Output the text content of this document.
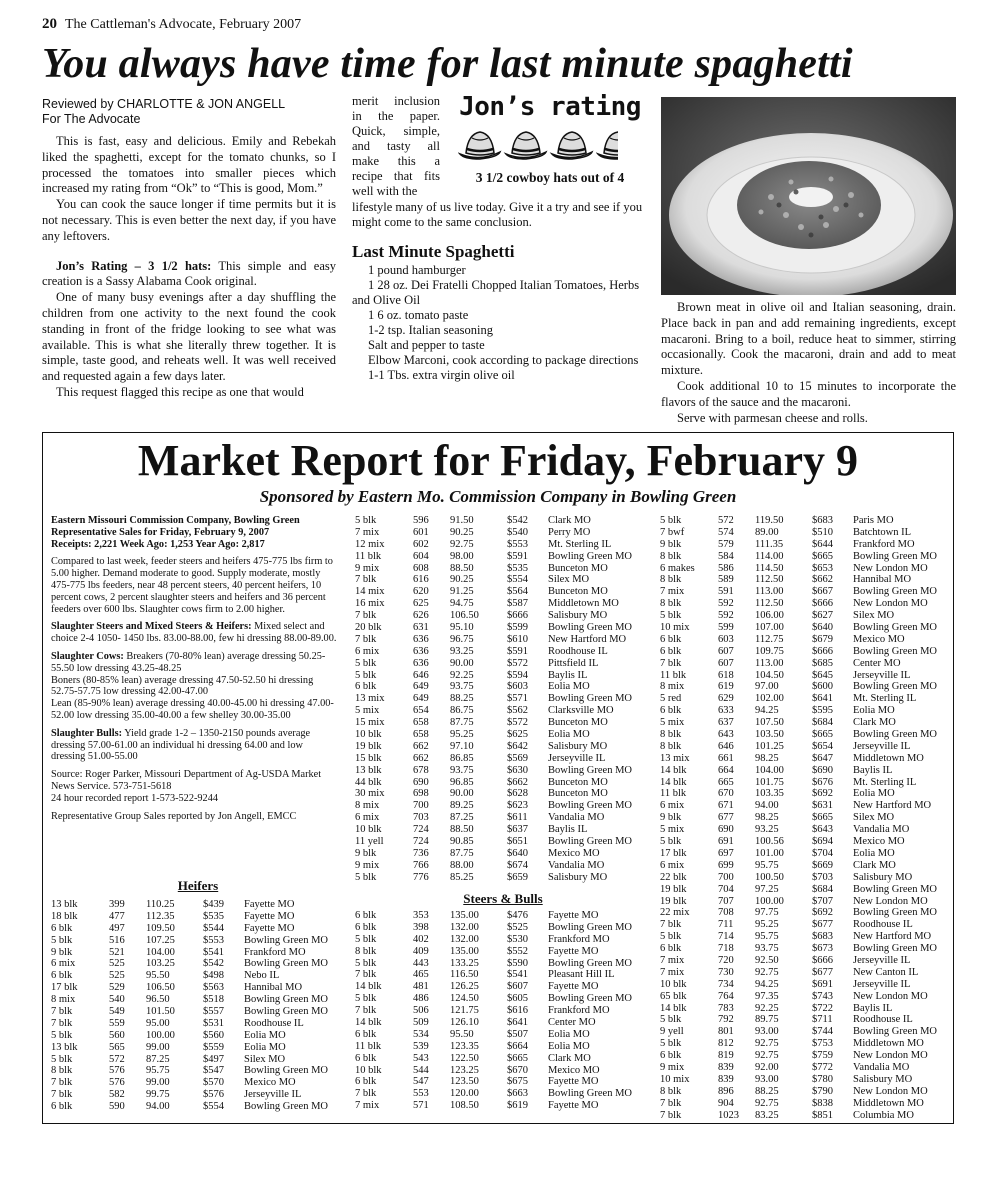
20 The Cattleman's Advocate, February 2007
You always have time for last minute spaghetti
Reviewed by CHARLOTTE & JON ANGELL
For The Advocate

This is fast, easy and delicious. Emily and Rebekah liked the spaghetti, except for the tomato chunks, so I processed the tomatoes into smaller pieces which increased my rating from “Ok” to “This is good, Mom.”

You can cook the sauce longer if time permits but it is not necessary. This is even better the next day, if you have any leftovers.

Jon’s Rating – 3 1/2 hats: This simple and easy creation is a Sassy Alabama Cook original.

One of many busy evenings after a day shuffling the children from one activity to the next found the cook standing in front of the fridge looking to see what was available. This is what she literally threw together. It is simple, taste good, and reheats well. It was well received and requested again a few days later.

This request flagged this recipe as one that would

merit inclusion in the paper. Quick, simple, and tasty all make this a recipe that fits well with the
lifestyle many of us live today. Give it a try and see if you might come to the same conclusion.
Jon’s rating
3 1/2 cowboy hats out of 4
Last Minute Spaghetti
1 pound hamburger
1 28 oz. Dei Fratelli Chopped Italian Tomatoes, Herbs and Olive Oil
1 6 oz. tomato paste
1-2 tsp. Italian seasoning
Salt and pepper to taste
Elbow Marconi, cook according to package directions
1-1 Tbs. extra virgin olive oil

Brown meat in olive oil and Italian seasoning, drain. Place back in pan and add remaining ingredients, except macaroni. Bring to a boil, reduce heat to simmer, stirring occasionally. Cook the macaroni, drain and add to meat mixture.

Cook additional 10 to 15 minutes to incorporate the flavors of the sauce and the macaroni.

Serve with parmesan cheese and rolls.

Market Report for Friday, February 9
Sponsored by Eastern Mo. Commission Company in Bowling Green

Eastern Missouri Commission Company, Bowling Green
Representative Sales for Friday, February 9, 2007
Receipts: 2,221 Week Ago: 1,253 Year Ago: 2,817

Compared to last week, feeder steers and heifers 475-775 lbs firm to 5.00 higher. Demand moderate to good. Supply moderate, mostly 475-775 lbs feeders, near 48 percent steers, 40 percent heifers, 10 percent cows, 2 percent slaughter steers and heifers and 36 percent feeders over 600 lbs. Slaughter cows firm to 2.00 higher.

Slaughter Steers and Mixed Steers & Heifers: Mixed select and choice 2-4 1050- 1450 lbs. 83.00-88.00, few hi dressing 88.00-89.00.

Slaughter Cows: Breakers (70-80% lean) average dressing 50.25-55.50 low dressing 43.25-48.25

Boners (80-85% lean) average dressing 47.50-52.50 hi dressing 52.75-57.75 low dressing 42.00-47.00

Lean (85-90% lean) average dressing 40.00-45.00 hi dressing 47.00-52.00 low dressing 35.00-40.00 a few shelley 30.00-35.00

Slaughter Bulls: Yield grade 1-2 – 1350-2150 pounds average dressing 57.00-61.00 an individual hi dressing 64.00 and low dressing 51.00-55.00

Source: Roger Parker, Missouri Department of Ag-USDA Market News Service. 573-751-5618

24 hour recorded report 1-573-522-9244

Representative Group Sales reported by Jon Angell, EMCC

Heifers
13 blk	399 110.25	$439 Fayette MO
18 blk	477 112.35	$535 Fayette MO
6 blk	497 109.50	$544 Fayette MO
5 blk	516 107.25	$553 Bowling Green MO
9 blk	521 104.00	$541 Frankford MO
6 mix	525 103.25	$542 Bowling Green MO
6 blk	525 95.50	$498 Nebo IL
17 blk	529 106.50	$563 Hannibal MO
8 mix	540 96.50	$518 Bowling Green MO
7 blk	549 101.50	$557 Bowling Green MO
7 blk	559 95.00	$531 Roodhouse IL
5 blk	560 100.00	$560 Eolia MO
13 blk	565 99.00	$559 Eolia MO
5 blk	572 87.25	$497 Silex MO
8 blk	576 95.75	$547 Bowling Green MO
7 blk	576 99.00	$570 Mexico MO
7 blk	582 99.75	$576 Jerseyville IL
6 blk	590 94.00	$554 Bowling Green MO
5 blk	596 91.50	$542 Clark MO
7 mix	601 90.25	$540 Perry MO
12 mix	602 92.75	$553 Mt. Sterling IL
11 blk	604 98.00	$591 Bowling Green MO
9 mix	608 88.50	$535 Bunceton MO
7 blk	616 90.25	$554 Silex MO
14 mix	620 91.25	$564 Bunceton MO
16 mix	625 94.75	$587 Middletown MO
7 blk	626 106.50	$666 Salisbury MO
20 blk	631 95.10	$599 Bowling Green MO
7 blk	636 96.75	$610 New Hartford MO
6 mix	636 93.25	$591 Roodhouse IL
5 blk	636 90.00	$572 Pittsfield IL
5 blk	646 92.25	$594 Baylis IL
6 blk	649 93.75	$603 Eolia MO
13 mix	649 88.25	$571 Bowling Green MO
5 mix	654 86.75	$562 Clarksville MO
15 mix	658 87.75	$572 Bunceton MO
10 blk	658 95.25	$625 Eolia MO
19 blk	662 97.10	$642 Salisbury MO
15 blk	662 86.85	$569 Jerseyville IL
13 blk	678 93.75	$630 Bowling Green MO
44 blk	690 96.85	$662 Bunceton MO
30 mix	698 90.00	$628 Bunceton MO
8 mix	700 89.25	$623 Bowling Green MO
6 mix	703 87.25	$611 Vandalia MO
10 blk	724 88.50	$637 Baylis IL
11 yell	724 90.85	$651 Bowling Green MO
9 blk	736 87.75	$640 Mexico MO
9 mix	766 88.00	$674 Vandalia MO
5 blk	776 85.25	$659 Salisbury MO
Steers & Bulls
6 blk	353 135.00	$476 Fayette MO
6 blk	398 132.00	$525 Bowling Green MO
5 blk	402 132.00	$530 Frankford MO
8 blk	409 135.00	$552 Fayette MO
5 blk	443 133.25	$590 Bowling Green MO
7 blk	465 116.50	$541 Pleasant Hill IL
14 blk	481 126.25	$607 Fayette MO
5 blk	486 124.50	$605 Bowling Green MO
7 blk	506 121.75	$616 Frankford MO
14 blk	509 126.10	$641 Center MO
6 blk	534 95.50	$507 Eolia MO
11 blk	539 123.35	$664 Eolia MO
6 blk	543 122.50	$665 Clark MO
10 blk	544 123.25	$670 Mexico MO
6 blk	547 123.50	$675 Fayette MO
7 blk	553 120.00	$663 Bowling Green MO
7 mix	571 108.50	$619 Fayette MO
5 blk	572 119.50	$683 Paris MO
7 bwf	574 89.00	$510 Batchtown IL
9 blk	579 111.35	$644 Frankford MO
8 blk	584 114.00	$665 Bowling Green MO
6 makes 586 114.50	$653 New London MO
8 blk	589 112.50	$662 Hannibal MO
7 mix	591 113.00	$667 Bowling Green MO
8 blk	592 112.50	$666 New London MO
5 blk	592 106.00	$627 Silex MO
10 mix	599 107.00	$640 Bowling Green MO
6 blk	603 112.75	$679 Mexico MO
6 blk	607 109.75	$666 Bowling Green MO
7 blk	607 113.00	$685 Center MO
11 blk	618 104.50	$645 Jerseyville IL
8 mix	619 97.00	$600 Bowling Green MO
5 red	629 102.00	$641 Mt. Sterling IL
6 blk	633 94.25	$595 Eolia MO
5 mix	637 107.50	$684 Clark MO
8 blk	643 103.50	$665 Bowling Green MO
8 blk	646 101.25	$654 Jerseyville IL
13 mix	661 98.25	$647 Middletown MO
14 blk	664 104.00	$690 Baylis IL
14 blk	665 101.75	$676 Mt. Sterling IL
11 blk	670 103.35	$692 Eolia MO
6 mix	671 94.00	$631 New Hartford MO
9 blk	677 98.25	$665 Silex MO
5 mix	690 93.25	$643 Vandalia MO
5 blk	691 100.56	$694 Mexico MO
17 blk	697 101.00	$704 Eolia MO
6 mix	699 95.75	$669 Clark MO
22 blk	700 100.50	$703 Salisbury MO
19 blk	704 97.25	$684 Bowling Green MO
19 blk	707 100.00	$707 New London MO
22 mix	708 97.75	$692 Bowling Green MO
7 blk	711 95.25	$677 Roodhouse IL
5 blk	714 95.75	$683 New Hartford MO
6 blk	718 93.75	$673 Bowling Green MO
7 mix	720 92.50	$666 Jerseyville IL
7 mix	730 92.75	$677 New Canton IL
10 blk	734 94.25	$691 Jerseyville IL
65 blk	764 97.35	$743 New London MO
14 blk	783 92.25	$722 Baylis IL
5 blk	792 89.75	$711 Roodhouse IL
9 yell	801 93.00	$744 Bowling Green MO
5 blk	812 92.75	$753 Middletown MO
6 blk	819 92.75	$759 New London MO
9 mix	839 92.00	$772 Vandalia MO
10 mix	839 93.00	$780 Salisbury MO
8 blk	896 88.25	$790 New London MO
7 blk	904 92.75	$838 Middletown MO
7 blk	1023 83.25	$851 Columbia MO
